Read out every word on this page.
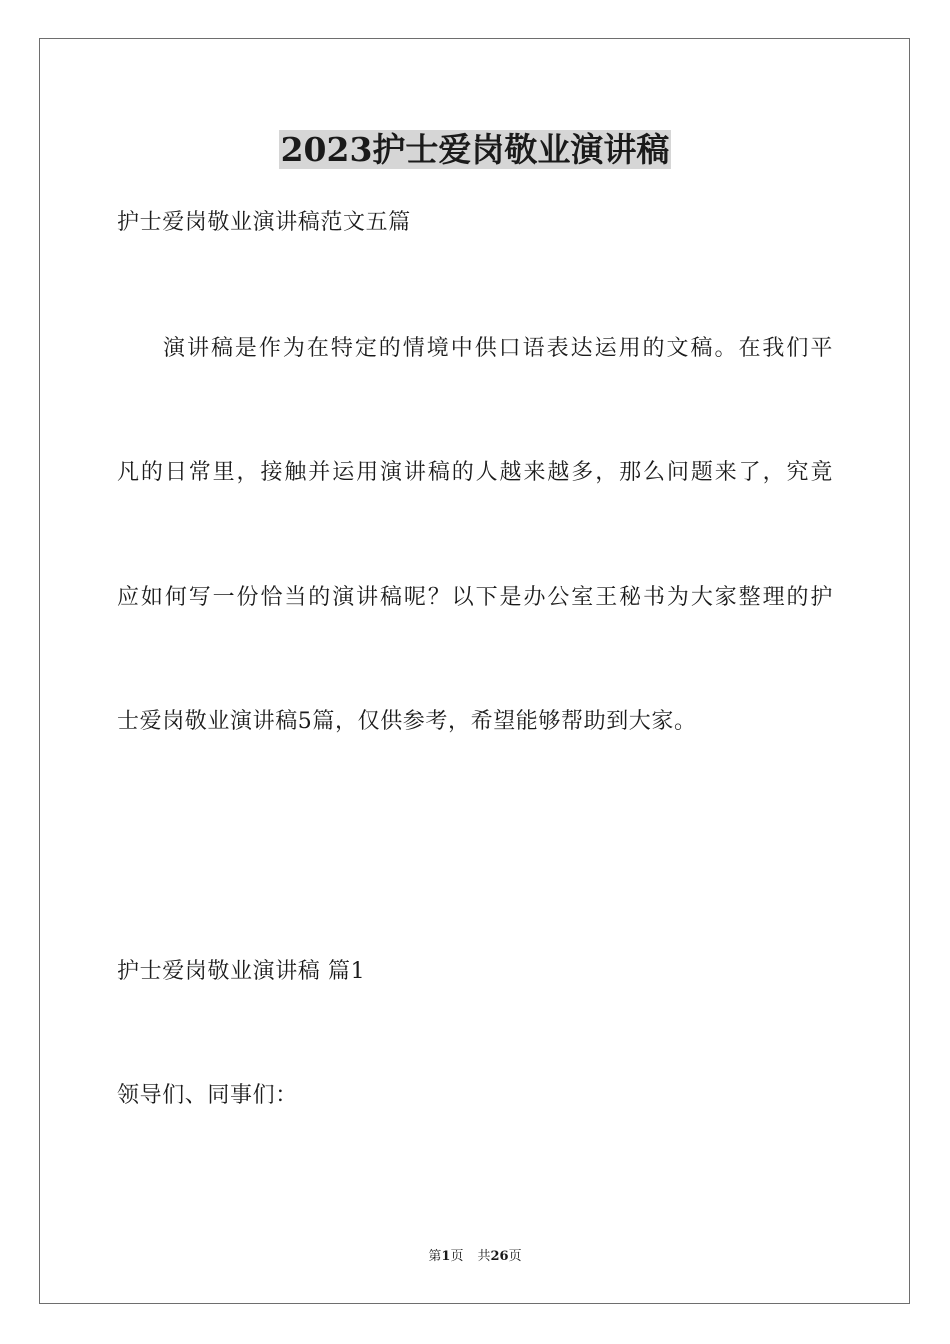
2023护士爱岗敬业演讲稿

护士爱岗敬业演讲稿范文五篇

演讲稿是作为在特定的情境中供口语表达运用的文稿。在我们平

凡的日常里，接触并运用演讲稿的人越来越多，那么问题来了，究竟

应如何写一份恰当的演讲稿呢？以下是办公室王秘书为大家整理的护

士爱岗敬业演讲稿5篇，仅供参考，希望能够帮助到大家。

护士爱岗敬业演讲稿 篇1

领导们、同事们：

第1页 共26页
